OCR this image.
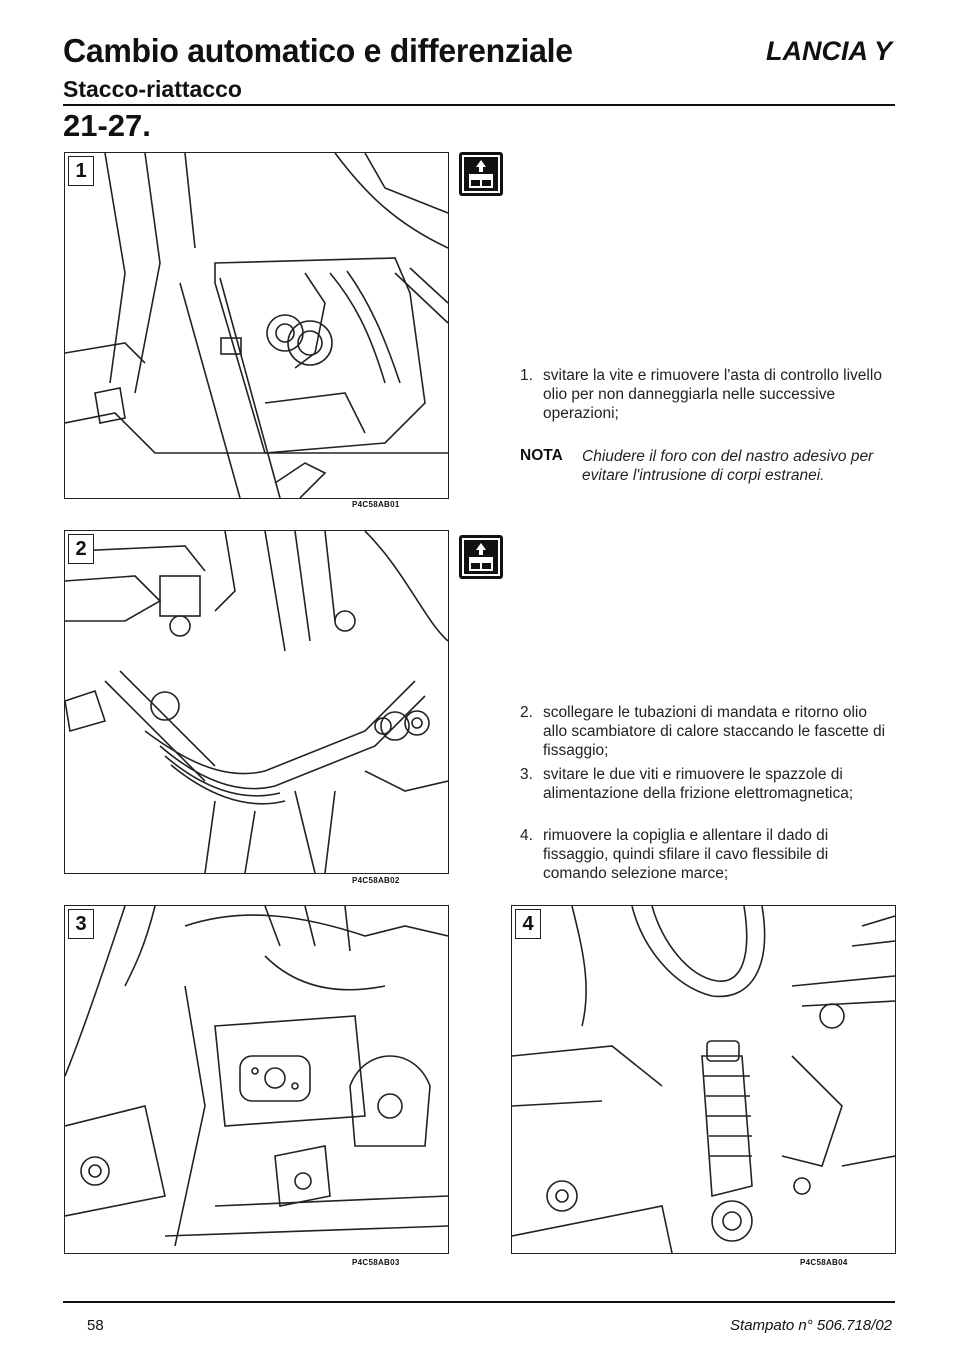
Cambio automatico e differenziale
Stacco-riattacco
LANCIA Y
21-27.
1
P4C58AB01
2
P4C58AB02
3
P4C58AB03
4
P4C58AB04
1. svitare la vite e rimuovere l'asta di controllo livello olio per non danneggiarla nelle successive operazioni;
NOTA Chiudere il foro con del nastro adesivo per evitare l'intrusione di corpi estranei.
2. scollegare le tubazioni di mandata e ritorno olio allo scambiatore di calore staccando le fascette di fissaggio;
3. svitare le due viti e rimuovere le spazzole di alimentazione della frizione elettromagnetica;
4. rimuovere la copiglia e allentare il dado di fissaggio, quindi sfilare il cavo flessibile di comando selezione marce;
58	Stampato n° 506.718/02
